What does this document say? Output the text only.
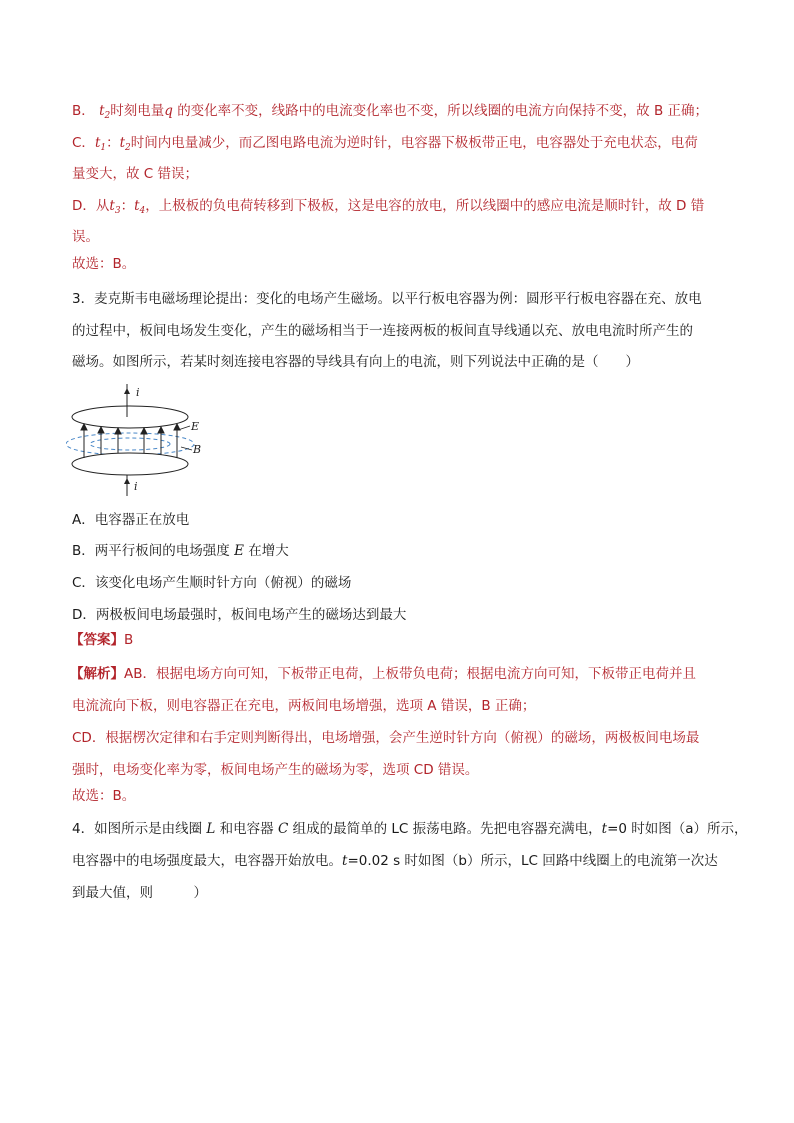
B． $t_2$时刻电量q 的变化率不变，线路中的电流变化率也不变，所以线圈的电流方向保持不变，故 B 正确；
C．$t_1$：$t_2$时间内电量减少，而乙图电路电流为逆时针，电容器下极板带正电，电容器处于充电状态，电荷
量变大，故 C 错误；
D．从$t_3$：$t_4$，上极板的负电荷转移到下极板，这是电容的放电，所以线圈中的感应电流是顺时针，故 D 错
误。
故选：B。
3．麦克斯韦电磁场理论提出：变化的电场产生磁场。以平行板电容器为例：圆形平行板电容器在充、放电
的过程中，板间电场发生变化，产生的磁场相当于一连接两板的板间直导线通以充、放电电流时所产生的
磁场。如图所示，若某时刻连接电容器的导线具有向上的电流，则下列说法中正确的是（　　）
i
E
B
i
A．电容器正在放电
B．两平行板间的电场强度 E 在增大
C．该变化电场产生顺时针方向（俯视）的磁场
D．两极板间电场最强时，板间电场产生的磁场达到最大
【答案】B
【解析】AB．根据电场方向可知，下板带正电荷，上板带负电荷；根据电流方向可知，下板带正电荷并且
电流流向下板，则电容器正在充电，两板间电场增强，选项 A 错误，B 正确；
CD．根据楞次定律和右手定则判断得出，电场增强，会产生逆时针方向（俯视）的磁场，两极板间电场最
强时，电场变化率为零，板间电场产生的磁场为零，选项 CD 错误。
故选：B。
4．如图所示是由线圈 L 和电容器 C 组成的最简单的 LC 振荡电路。先把电容器充满电，t=0 时如图（a）所示，
电容器中的电场强度最大，电容器开始放电。t=0.02 s 时如图（b）所示，LC 回路中线圈上的电流第一次达
到最大值，则　　　）
